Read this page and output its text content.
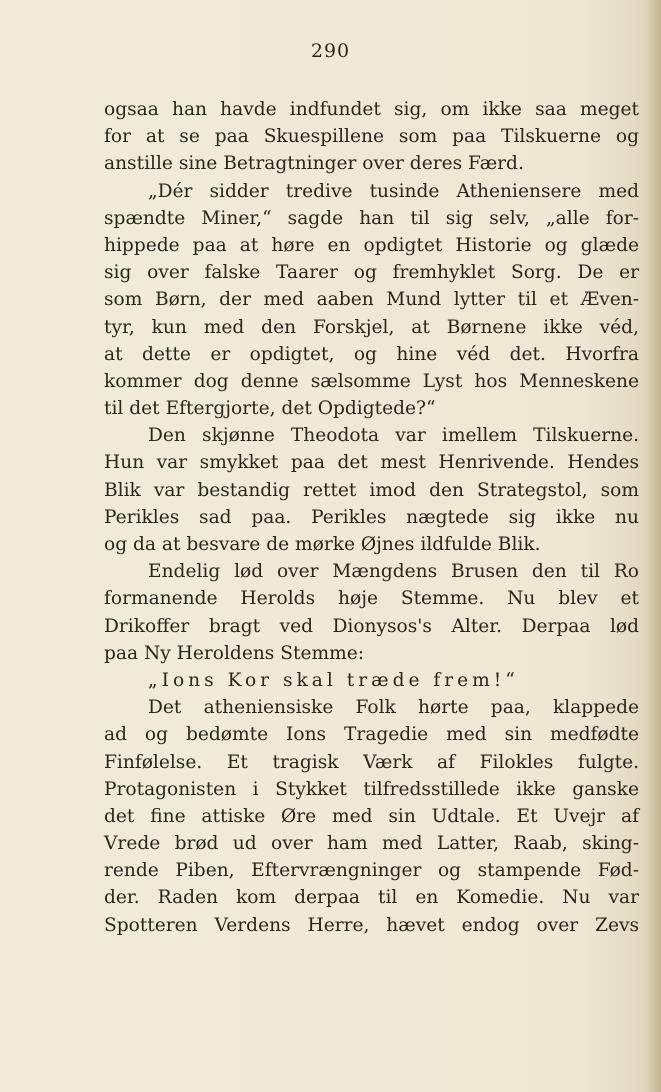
290
ogsaa han havde indfundet sig, om ikke saa meget
for at se paa Skuespillene som paa Tilskuerne og
anstille sine Betragtninger over deres Færd.
„Dér sidder tredive tusinde Atheniensere med
spændte Miner,“ sagde han til sig selv, „alle for-
hippede paa at høre en opdigtet Historie og glæde
sig over falske Taarer og fremhyklet Sorg. De er
som Børn, der med aaben Mund lytter til et Æven-
tyr, kun med den Forskjel, at Børnene ikke véd,
at dette er opdigtet, og hine véd det. Hvorfra
kommer dog denne sælsomme Lyst hos Menneskene
til det Eftergjorte, det Opdigtede?“
Den skjønne Theodota var imellem Tilskuerne.
Hun var smykket paa det mest Henrivende. Hendes
Blik var bestandig rettet imod den Strategstol, som
Perikles sad paa. Perikles nægtede sig ikke nu
og da at besvare de mørke Øjnes ildfulde Blik.
Endelig lød over Mængdens Brusen den til Ro
formanende Herolds høje Stemme. Nu blev et
Drikoffer bragt ved Dionysos's Alter. Derpaa lød
paa Ny Heroldens Stemme:
„Ions Kor skal træde frem!“
Det atheniensiske Folk hørte paa, klappede
ad og bedømte Ions Tragedie med sin medfødte
Finfølelse. Et tragisk Værk af Filokles fulgte.
Protagonisten i Stykket tilfredsstillede ikke ganske
det fine attiske Øre med sin Udtale. Et Uvejr af
Vrede brød ud over ham med Latter, Raab, sking-
rende Piben, Eftervrængninger og stampende Fød-
der. Raden kom derpaa til en Komedie. Nu var
Spotteren Verdens Herre, hævet endog over Zevs
